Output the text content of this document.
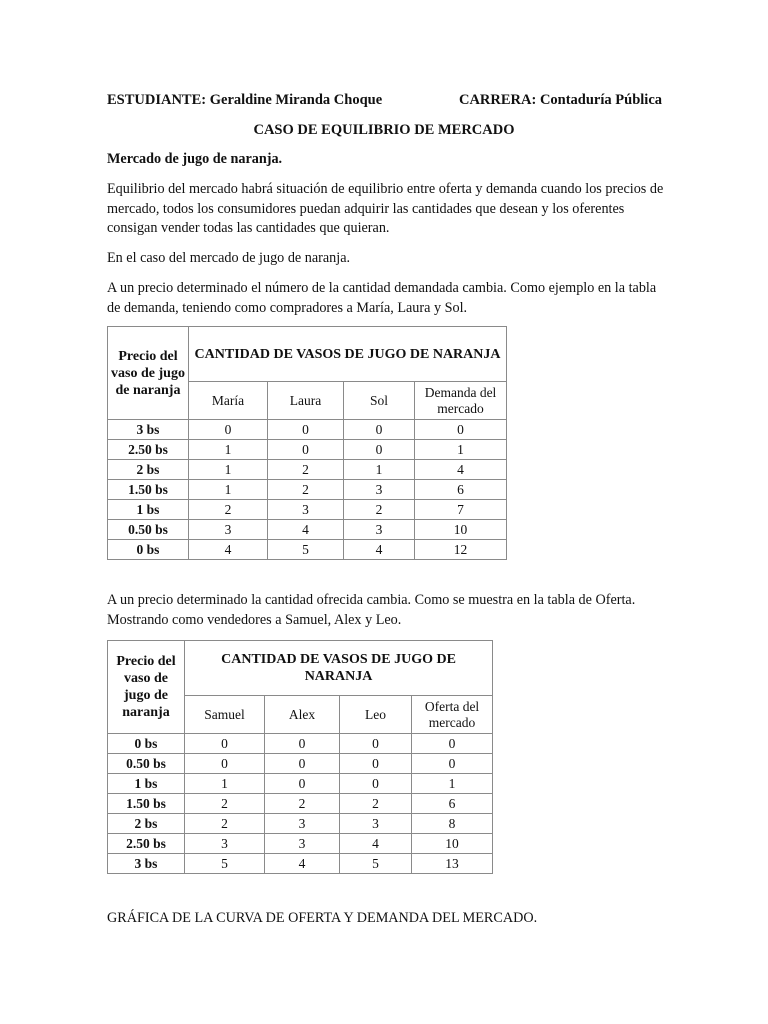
ESTUDIANTE: Geraldine Miranda Choque	CARRERA: Contaduría Pública
CASO DE EQUILIBRIO DE MERCADO

Mercado de jugo de naranja.

Equilibrio del mercado habrá situación de equilibrio entre oferta y demanda cuando los precios de mercado, todos los consumidores puedan adquirir las cantidades que desean y los oferentes consigan vender todas las cantidades que quieran.

En el caso del mercado de jugo de naranja.

A un precio determinado el número de la cantidad demandada cambia. Como ejemplo en la tabla de demanda, teniendo como compradores a María, Laura y Sol.

Precio del vaso de jugo de naranja	CANTIDAD DE VASOS DE JUGO DE NARANJA			
	María	Laura	Sol	Demanda del mercado
3 bs	0	0	0	0
2.50 bs	1	0	0	1
2 bs	1	2	1	4
1.50 bs	1	2	3	6
1 bs	2	3	2	7
0.50 bs	3	4	3	10
0 bs	4	5	4	12

A un precio determinado la cantidad ofrecida cambia. Como se muestra en la tabla de Oferta. Mostrando como vendedores a Samuel, Alex y Leo.

Precio del vaso de jugo de naranja	CANTIDAD DE VASOS DE JUGO DE NARANJA			
	Samuel	Alex	Leo	Oferta del mercado
0 bs	0	0	0	0
0.50 bs	0	0	0	0
1 bs	1	0	0	1
1.50 bs	2	2	2	6
2 bs	2	3	3	8
2.50 bs	3	3	4	10
3 bs	5	4	5	13
GRÁFICA DE LA CURVA DE OFERTA Y DEMANDA DEL MERCADO.
